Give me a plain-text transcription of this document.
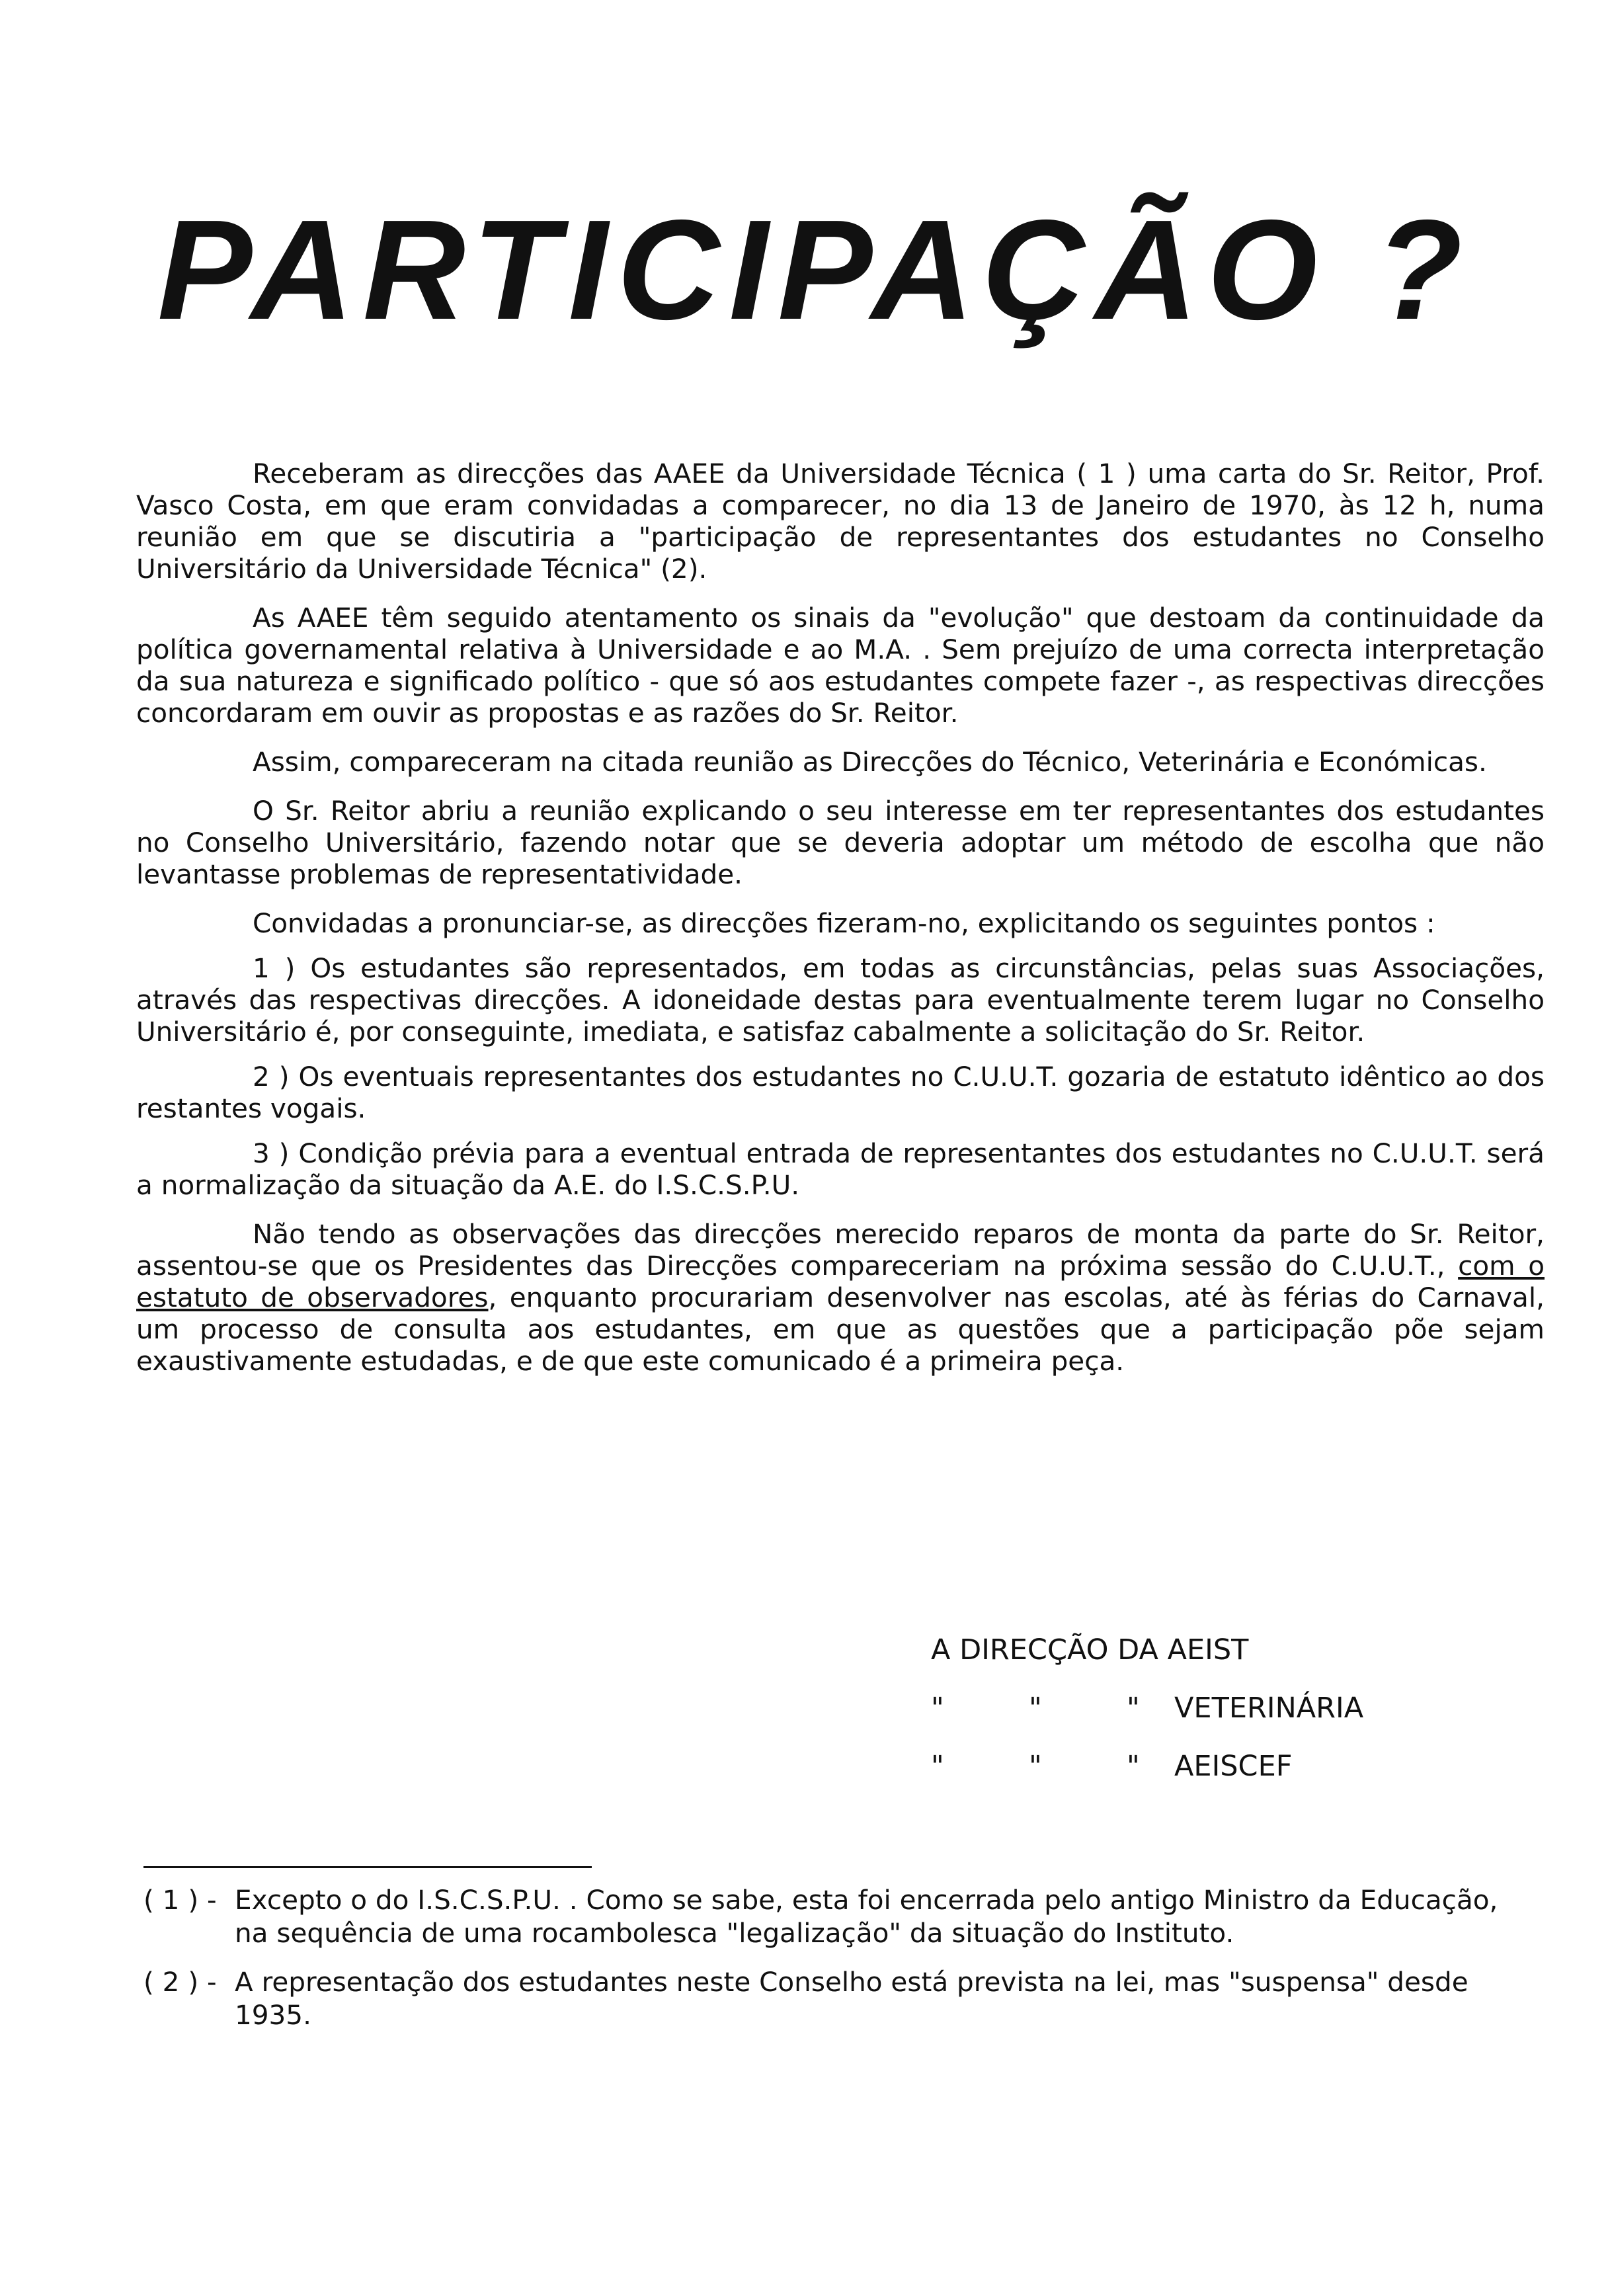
PARTICIPAÇÃO ?

Receberam as direcções das AAEE da Universidade Técnica ( 1 ) uma carta do Sr. Reitor, Prof. Vasco Costa, em que eram convidadas a comparecer, no dia 13 de Janeiro de 1970, às 12 h, numa reunião em que se discutiria a "participação de representantes dos estudantes no Conselho Universitário da Universidade Técnica" (2).

As AAEE têm seguido atentamento os sinais da "evolução" que destoam da continuidade da política governamental relativa à Universidade e ao M.A. . Sem prejuízo de uma correcta interpretação da sua natureza e significado político - que só aos estudantes compete fazer -, as respectivas direcções concordaram em ouvir as propostas e as razões do Sr. Reitor.

Assim, compareceram na citada reunião as Direcções do Técnico, Veterinária e Económicas.

O Sr. Reitor abriu a reunião explicando o seu interesse em ter representantes dos estudantes no Conselho Universitário, fazendo notar que se deveria adoptar um método de escolha que não levantasse problemas de representatividade.

Convidadas a pronunciar-se, as direcções fizeram-no, explicitando os seguintes pontos :

1 ) Os estudantes são representados, em todas as circunstâncias, pelas suas Associações, através das respectivas direcções. A idoneidade destas para eventualmente terem lugar no Conselho Universitário é, por conseguinte, imediata, e satisfaz cabalmente a solicitação do Sr. Reitor.

2 ) Os eventuais representantes dos estudantes no C.U.U.T. gozaria de estatuto idêntico ao dos restantes vogais.

3 ) Condição prévia para a eventual entrada de representantes dos estudantes no C.U.U.T. será a normalização da situação da A.E. do I.S.C.S.P.U.

Não tendo as observações das direcções merecido reparos de monta da parte do Sr. Reitor, assentou-se que os Presidentes das Direcções compareceriam na próxima sessão do C.U.U.T., com o estatuto de observadores, enquanto procurariam desenvolver nas escolas, até às férias do Carnaval, um processo de consulta aos estudantes, em que as questões que a participação põe sejam exaustivamente estudadas, e de que este comunicado é a primeira peça.

A DIRECÇÃO DA AEIST
"	"	"	VETERINÁRIA
"	"	"	AEISCEF
( 1 ) - Excepto o do I.S.C.S.P.U. . Como se sabe, esta foi encerrada pelo antigo Ministro da Educação, na sequência de uma rocambolesca "legalização" da situação do Instituto.
( 2 ) - A representação dos estudantes neste Conselho está prevista na lei, mas "suspensa" desde 1935.
